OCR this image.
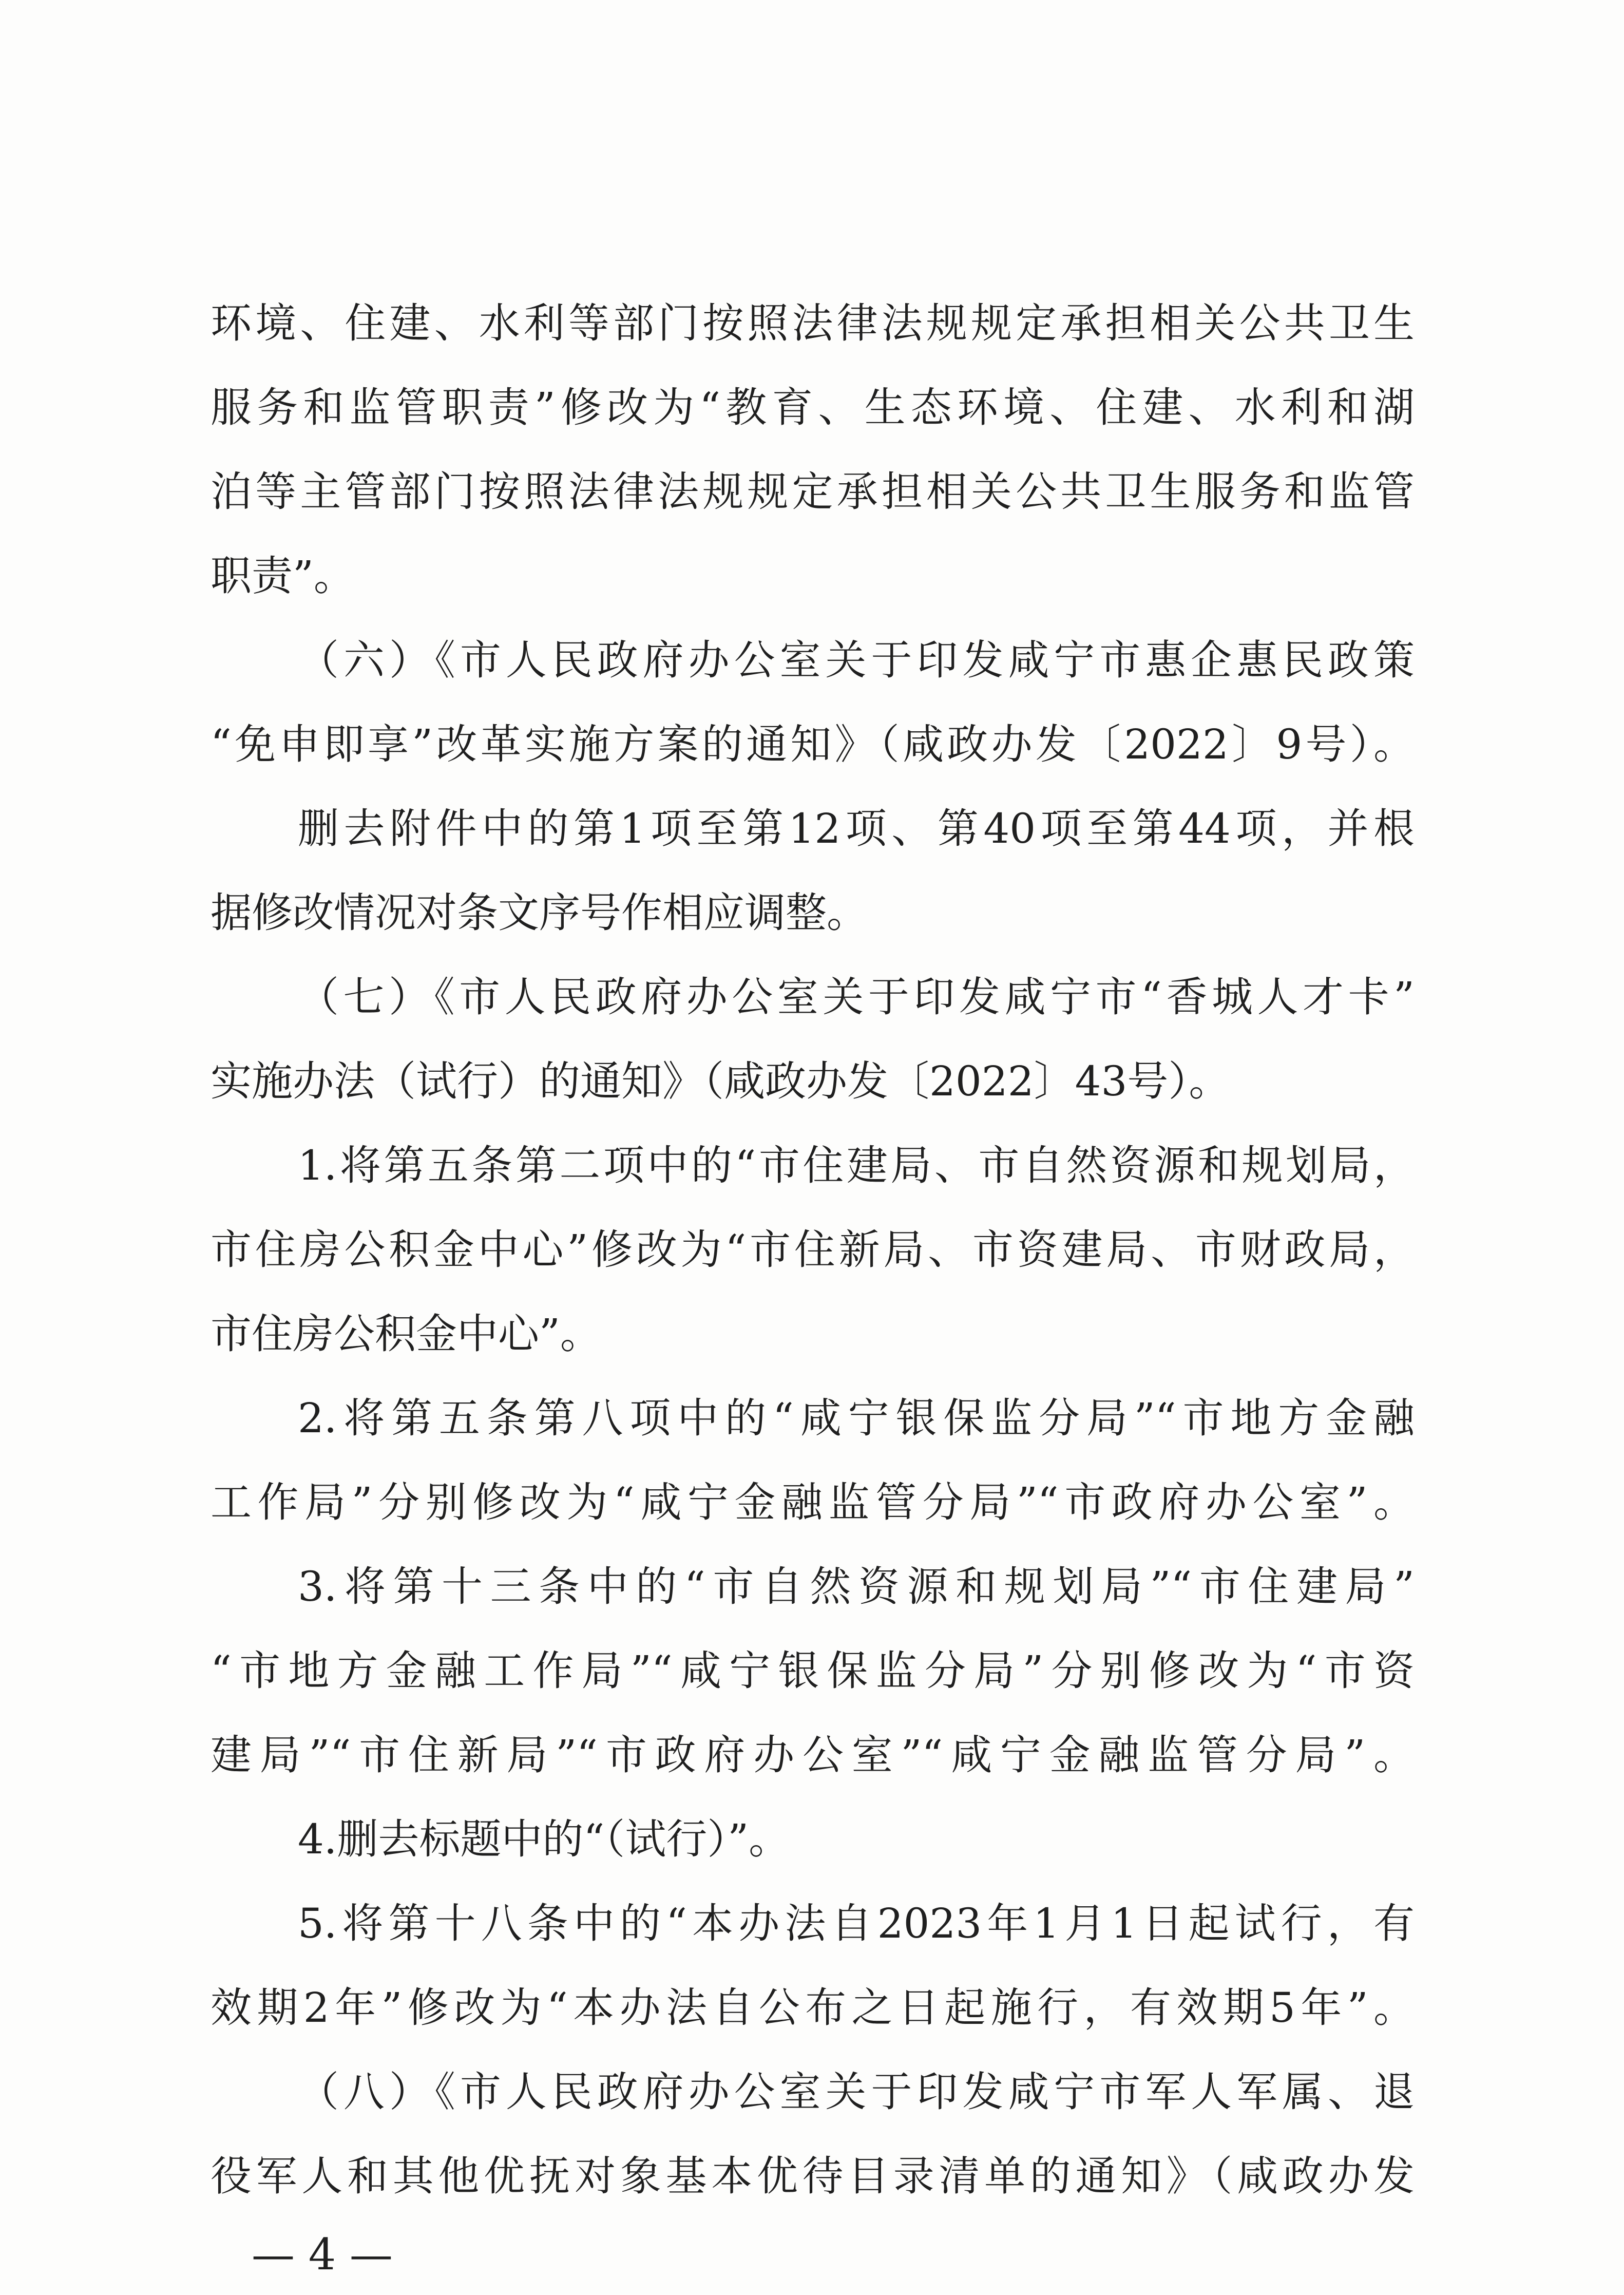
环境、住建、水利等部门按照法律法规规定承担相关公共卫生
服务和监管职责”修改为“教育、生态环境、住建、水利和湖
泊等主管部门按照法律法规规定承担相关公共卫生服务和监管
职责”。
（六）《市人民政府办公室关于印发咸宁市惠企惠民政策
“免申即享”改革实施方案的通知》（咸政办发〔2022〕9号）。
删去附件中的第1项至第12项、第40项至第44项，并根
据修改情况对条文序号作相应调整。
（七）《市人民政府办公室关于印发咸宁市“香城人才卡”
实施办法（试行）的通知》（咸政办发〔2022〕43号）。
1.将第五条第二项中的“市住建局、市自然资源和规划局，
市住房公积金中心”修改为“市住新局、市资建局、市财政局，
市住房公积金中心”。
2.将第五条第八项中的“咸宁银保监分局”“市地方金融
工作局”分别修改为“咸宁金融监管分局”“市政府办公室”。
3.将第十三条中的“市自然资源和规划局”“市住建局”
“市地方金融工作局”“咸宁银保监分局”分别修改为“市资
建局”“市住新局”“市政府办公室”“咸宁金融监管分局”。
4.删去标题中的“（试行）”。
5.将第十八条中的“本办法自2023年1月1日起试行，有
效期2年”修改为“本办法自公布之日起施行，有效期5年”。
（八）《市人民政府办公室关于印发咸宁市军人军属、退
役军人和其他优抚对象基本优待目录清单的通知》（咸政办发
— 4 —
